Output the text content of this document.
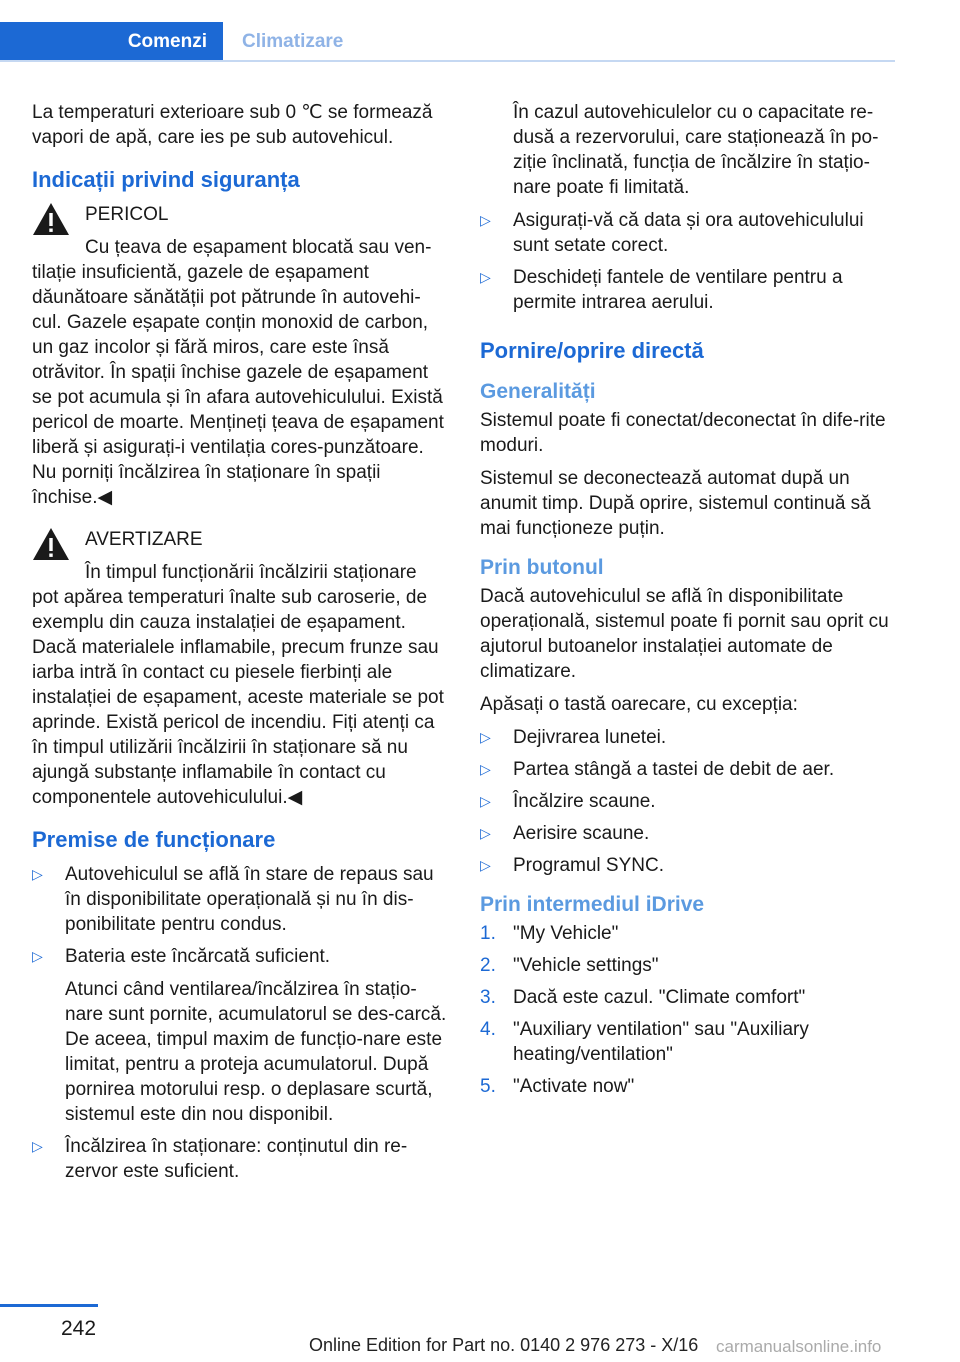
Comenzi	Climatizare

La temperaturi exterioare sub 0 ℃ se formează vapori de apă, care ies pe sub autovehicul.

Indicații privind siguranța
PERICOL
Cu țeava de eșapament blocată sau ven-
tilație insuficientă, gazele de eșapament dăunătoare sănătății pot pătrunde în autovehi-cul. Gazele eșapate conțin monoxid de carbon, un gaz incolor și fără miros, care este însă otrăvitor. În spații închise gazele de eșapament se pot acumula și în afara autovehiculului. Există pericol de moarte. Mențineți țeava de eșapament liberă și asigurați-i ventilația cores-punzătoare. Nu porniți încălzirea în staționare în spații închise.◀
AVERTIZARE
În timpul funcționării încălzirii staționare
pot apărea temperaturi înalte sub caroserie, de exemplu din cauza instalației de eșapament. Dacă materialele inflamabile, precum frunze sau iarba intră în contact cu piesele fierbinți ale instalației de eșapament, aceste materiale se pot aprinde. Există pericol de incendiu. Fiți atenți ca în timpul utilizării încălzirii în staționare să nu ajungă substanțe inflamabile în contact cu componentele autovehiculului.◀
Premise de funcționare
▷ Autovehiculul se află în stare de repaus sau în disponibilitate operațională și nu în dis-ponibilitate pentru condus.
▷ Bateria este încărcată suficient.
Atunci când ventilarea/încălzirea în stațio-nare sunt pornite, acumulatorul se des-carcă. De aceea, timpul maxim de funcțio-nare este limitat, pentru a proteja acumulatorul. După pornirea motorului resp. o deplasare scurtă, sistemul este din nou disponibil.
▷ Încălzirea în staționare: conținutul din re-zervor este suficient.

În cazul autovehiculelor cu o capacitate re-dusă a rezervorului, care staționează în po-ziție înclinată, funcția de încălzire în stațio-nare poate fi limitată.

▷ Asigurați-vă că data și ora autovehiculului sunt setate corect.
▷ Deschideți fantele de ventilare pentru a permite intrarea aerului.
Pornire/oprire directă
Generalități

Sistemul poate fi conectat/deconectat în dife-rite moduri.

Sistemul se deconectează automat după un anumit timp. După oprire, sistemul continuă să mai funcționeze puțin.

Prin butonul

Dacă autovehiculul se află în disponibilitate operațională, sistemul poate fi pornit sau oprit cu ajutorul butoanelor instalației automate de climatizare.

Apăsați o tastă oarecare, cu excepția:

▷ Dejivrarea lunetei.
▷ Partea stângă a tastei de debit de aer.
▷ Încălzire scaune.
▷ Aerisire scaune.
▷ Programul SYNC.
Prin intermediul iDrive
1. "My Vehicle"
2. "Vehicle settings"
3. Dacă este cazul. "Climate comfort"
4. "Auxiliary ventilation" sau "Auxiliary heating/ventilation"
5. "Activate now"
242
Online Edition for Part no. 0140 2 976 273 - X/16 carmanualsonline.info
